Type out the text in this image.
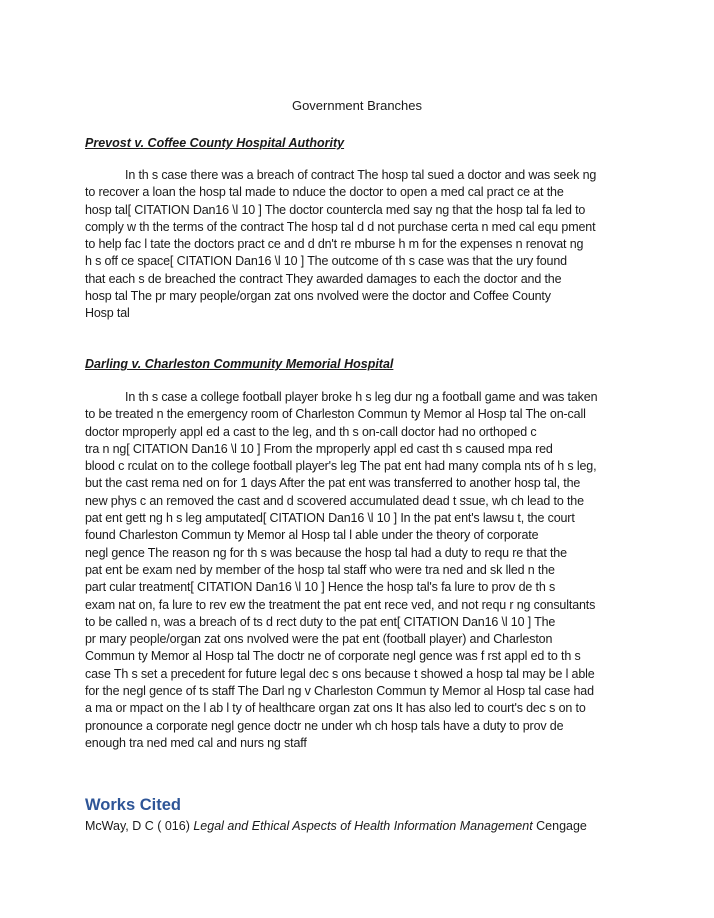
Government Branches
Prevost v. Coffee County Hospital Authority
In th s case there was a breach of contract The hosp tal sued a doctor and was seek ng
to recover a loan the hosp tal made to nduce the doctor to open a med cal pract ce at the
hosp tal[ CITATION Dan16 \l 10 ] The doctor countercla med say ng that the hosp tal fa led to
comply w th the terms of the contract The hosp tal d d not purchase certa n med cal equ pment
to help fac l tate the doctors pract ce and d dn't re mburse h m for the expenses n renovat ng
h s off ce space[ CITATION Dan16 \l 10 ] The outcome of th s case was that the ury found
that each s de breached the contract They awarded damages to each the doctor and the
hosp tal The pr mary people/organ zat ons nvolved were the doctor and Coffee County
Hosp tal
Darling v. Charleston Community Memorial Hospital
In th s case a college football player broke h s leg dur ng a football game and was taken
to be treated n the emergency room of Charleston Commun ty Memor al Hosp tal The on-call
doctor mproperly appl ed a cast to the leg, and th s on-call doctor had no orthoped c
tra n ng[ CITATION Dan16 \l 10 ] From the mproperly appl ed cast th s caused mpa red
blood c rculat on to the college football player's leg The pat ent had many compla nts of h s leg,
but the cast rema ned on for 1 days After the pat ent was transferred to another hosp tal, the
new phys c an removed the cast and d scovered accumulated dead t ssue, wh ch lead to the
pat ent gett ng h s leg amputated[ CITATION Dan16 \l 10 ] In the pat ent's lawsu t, the court
found Charleston Commun ty Memor al Hosp tal l able under the theory of corporate
negl gence The reason ng for th s was because the hosp tal had a duty to requ re that the
pat ent be exam ned by member of the hosp tal staff who were tra ned and sk lled n the
part cular treatment[ CITATION Dan16 \l 10 ] Hence the hosp tal's fa lure to prov de th s
exam nat on, fa lure to rev ew the treatment the pat ent rece ved, and not requ r ng consultants
to be called n, was a breach of ts d rect duty to the pat ent[ CITATION Dan16 \l 10 ] The
pr mary people/organ zat ons nvolved were the pat ent (football player) and Charleston
Commun ty Memor al Hosp tal The doctr ne of corporate negl gence was f rst appl ed to th s
case Th s set a precedent for future legal dec s ons because t showed a hosp tal may be l able
for the negl gence of ts staff The Darl ng v Charleston Commun ty Memor al Hosp tal case had
a ma or mpact on the l ab l ty of healthcare organ zat ons It has also led to court's dec s on to
pronounce a corporate negl gence doctr ne under wh ch hosp tals have a duty to prov de
enough tra ned med cal and nurs ng staff
Works Cited
McWay, D C ( 016) Legal and Ethical Aspects of Health Information Management Cengage
